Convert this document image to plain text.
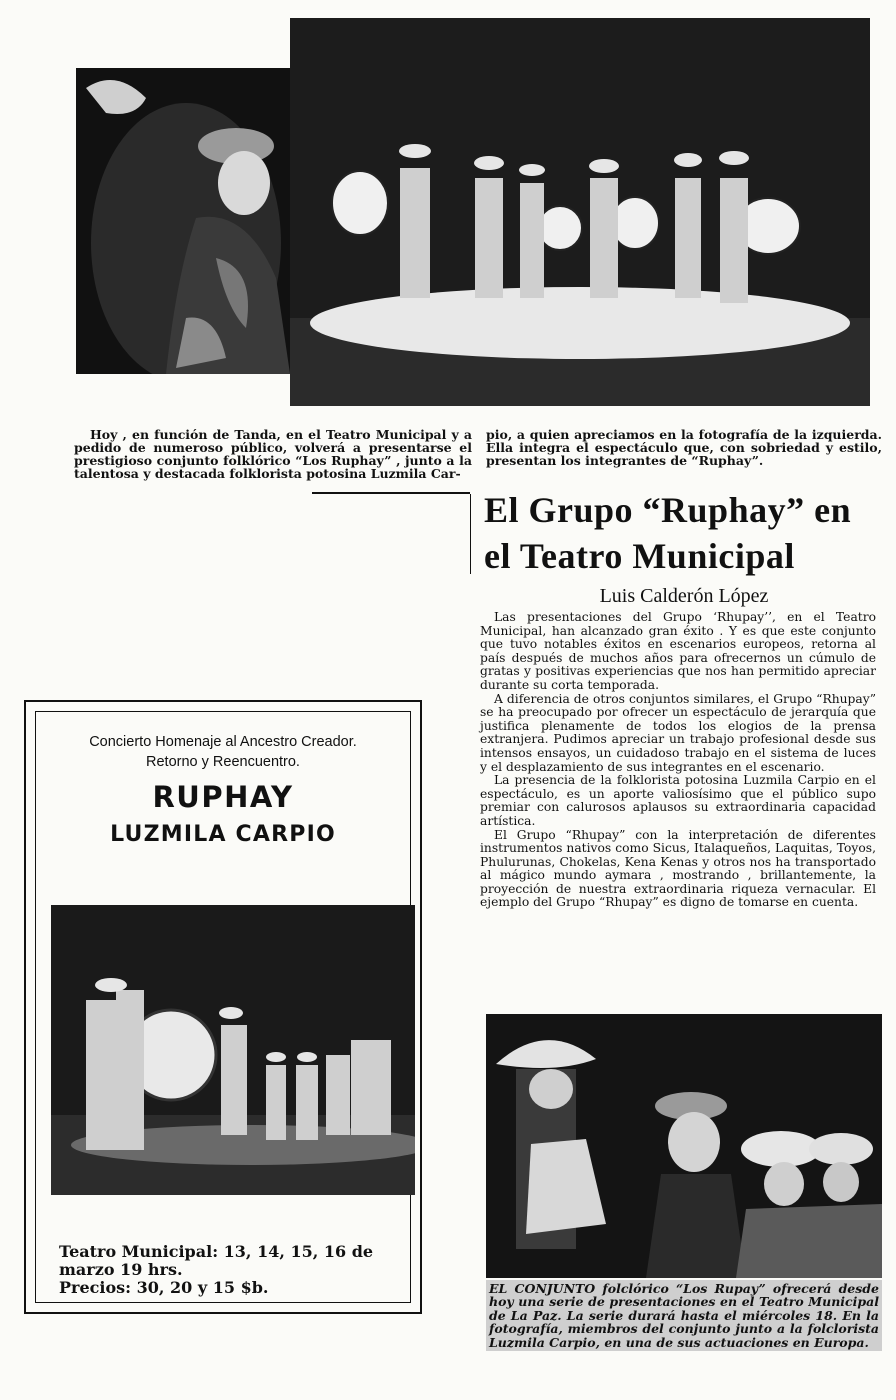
Hoy , en función de Tanda, en el Teatro Municipal y a pedido de numeroso público, volverá a presentarse el prestigioso conjunto folklórico “Los Ruphay” , junto a la talentosa y destacada folklorista potosina Luzmila Car-

pio, a quien apreciamos en la fotografía de la izquierda. Ella integra el espectáculo que, con sobriedad y estilo, presentan los integrantes de “Ruphay”.

El Grupo “Ruphay” en el Teatro Municipal
Luis Calderón López

Las presentaciones del Grupo ‘Rhupay’’, en el Teatro Municipal, han alcanzado gran éxito . Y es que este conjunto que tuvo notables éxitos en escenarios europeos, retorna al país después de muchos años para ofrecernos un cúmulo de gratas y positivas experiencias que nos han permitido apreciar durante su corta temporada.

A diferencia de otros conjuntos similares, el Grupo “Rhupay” se ha preocupado por ofrecer un espectáculo de jerarquía que justifica plenamente de todos los elogios de la prensa extranjera. Pudimos apreciar un trabajo profesional desde sus intensos ensayos, un cuidadoso trabajo en el sistema de luces y el desplazamiento de sus integrantes en el escenario.

La presencia de la folklorista potosina Luzmila Carpio en el espectáculo, es un aporte valiosísimo que el público supo premiar con calurosos aplausos su extraordinaria capacidad artística.

El Grupo “Rhupay” con la interpretación de diferentes instrumentos nativos como Sicus, Italaqueños, Laquitas, Toyos, Phulurunas, Chokelas, Kena Kenas y otros nos ha transportado al mágico mundo aymara , mostrando , brillantemente, la proyección de nuestra extraordinaria riqueza vernacular. El ejemplo del Grupo “Rhupay” es digno de tomarse en cuenta.

Concierto Homenaje al Ancestro Creador.
Retorno y Reencuentro.
RUPHAY
LUZMILA CARPIO
Teatro Municipal: 13, 14, 15, 16 de
marzo 19 hrs.
Precios: 30, 20 y 15 $b.	EL CONJUNTO folclórico “Los Rupay” ofrecerá desde hoy una serie de presentaciones en el Teatro Municipal de La Paz. La serie durará hasta el miércoles 18. En la fotografía, miembros del conjunto junto a la folclorista Luzmila Carpio, en una de sus actuaciones en Europa.
